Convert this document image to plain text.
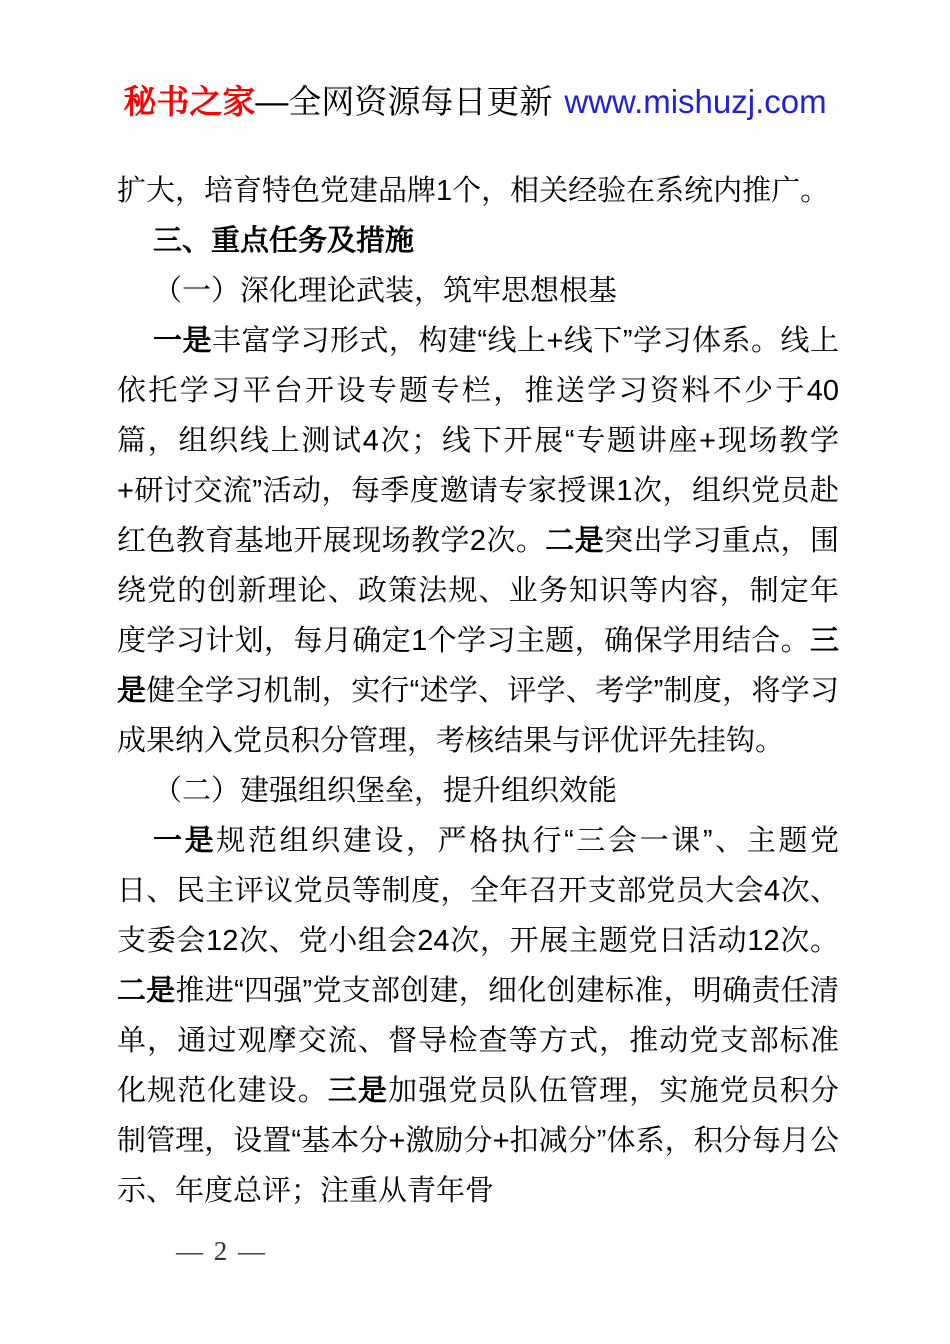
秘书之家—全网资源每日更新 www.mishuzj.com

扩大，培育特色党建品牌1个，相关经验在系统内推广。

三、重点任务及措施

（一）深化理论武装，筑牢思想根基

一是丰富学习形式，构建“线上+线下”学习体系。线上依托学习平台开设专题专栏，推送学习资料不少于40篇，组织线上测试4次；线下开展“专题讲座+现场教学+研讨交流”活动，每季度邀请专家授课1次，组织党员赴红色教育基地开展现场教学2次。二是突出学习重点，围绕党的创新理论、政策法规、业务知识等内容，制定年度学习计划，每月确定1个学习主题，确保学用结合。三是健全学习机制，实行“述学、评学、考学”制度，将学习成果纳入党员积分管理，考核结果与评优评先挂钩。

（二）建强组织堡垒，提升组织效能

一是规范组织建设，严格执行“三会一课”、主题党日、民主评议党员等制度，全年召开支部党员大会4次、支委会12次、党小组会24次，开展主题党日活动12次。二是推进“四强”党支部创建，细化创建标准，明确责任清单，通过观摩交流、督导检查等方式，推动党支部标准化规范化建设。三是加强党员队伍管理，实施党员积分制管理，设置“基本分+激励分+扣减分”体系，积分每月公示、年度总评；注重从青年骨

— 2 —
